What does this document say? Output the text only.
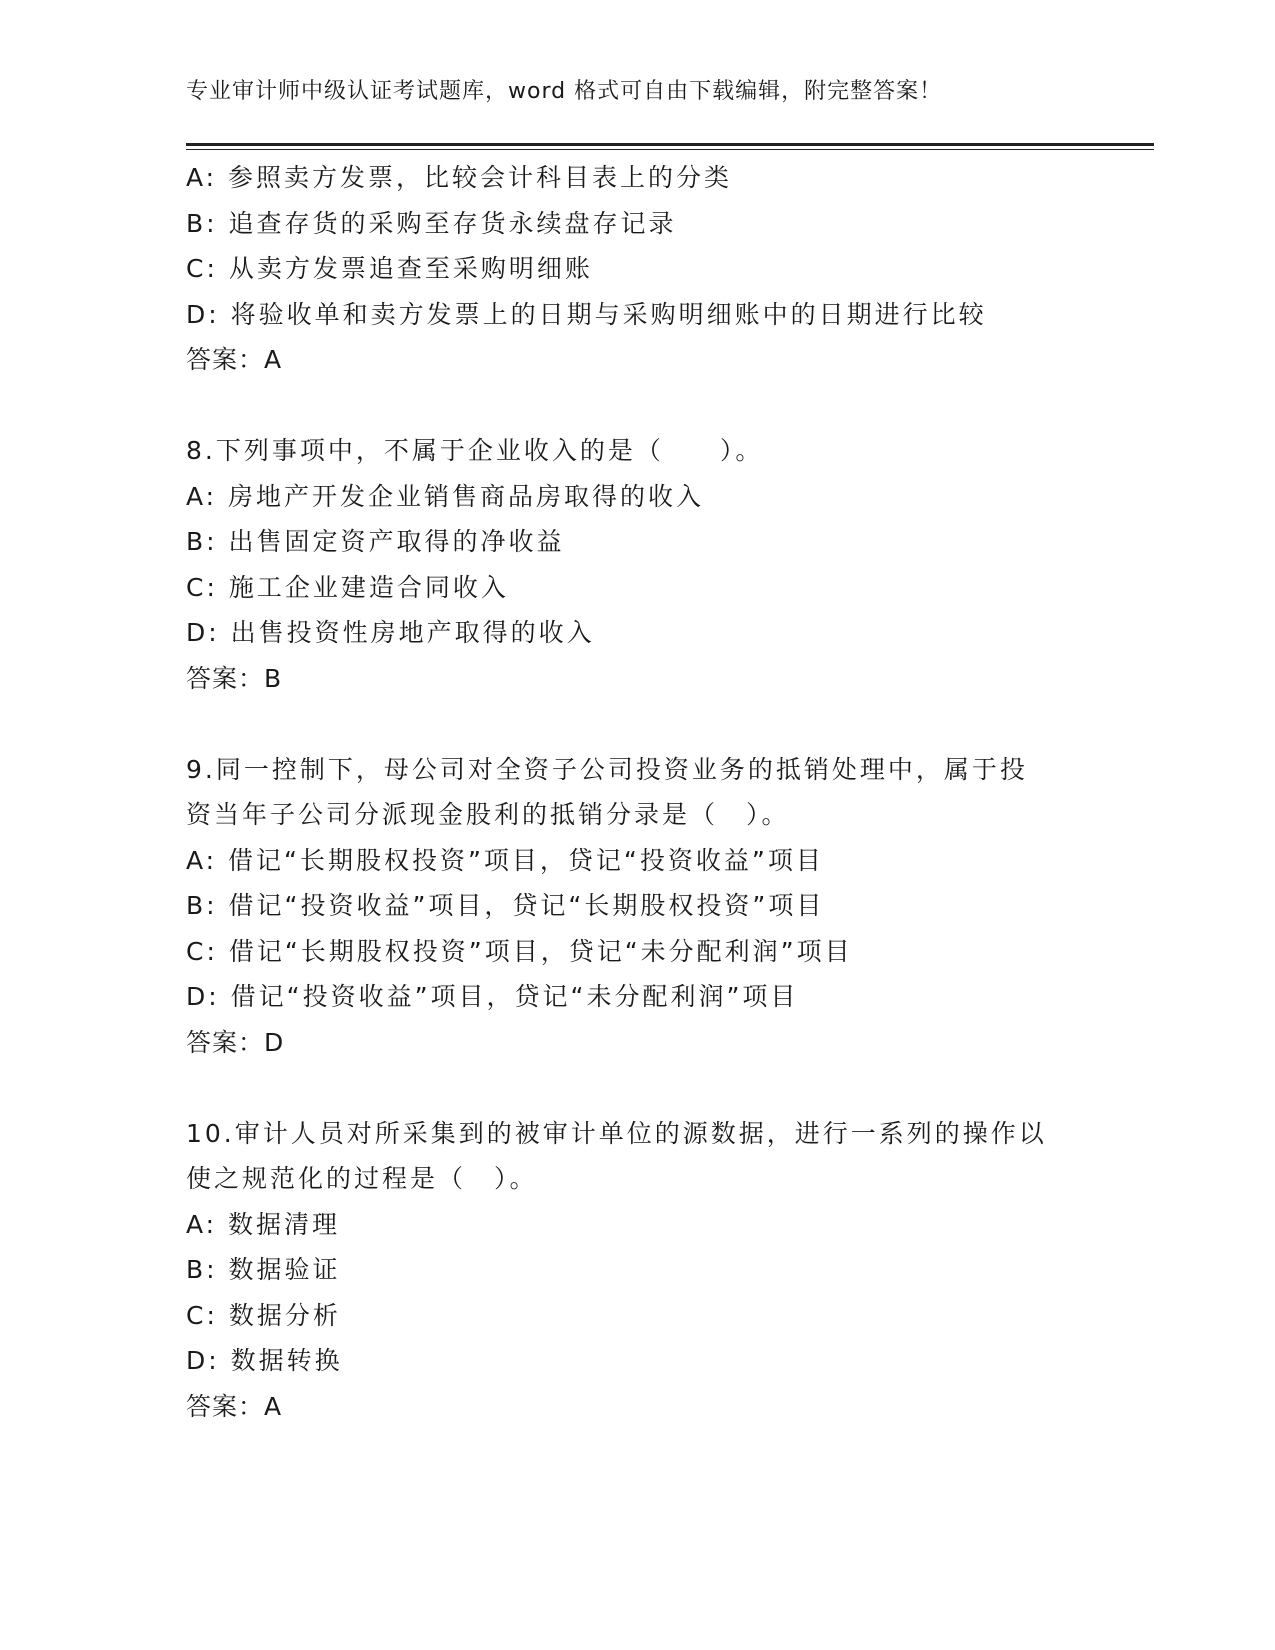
专业审计师中级认证考试题库，word 格式可自由下载编辑，附完整答案！
A: 参照卖方发票，比较会计科目表上的分类
B: 追查存货的采购至存货永续盘存记录
C: 从卖方发票追查至采购明细账
D: 将验收单和卖方发票上的日期与采购明细账中的日期进行比较
答案：A
8.下列事项中，不属于企业收入的是（　　）。
A: 房地产开发企业销售商品房取得的收入
B: 出售固定资产取得的净收益
C: 施工企业建造合同收入
D: 出售投资性房地产取得的收入
答案：B
9.同一控制下，母公司对全资子公司投资业务的抵销处理中，属于投
资当年子公司分派现金股利的抵销分录是（　）。
A: 借记“长期股权投资”项目，贷记“投资收益”项目
B: 借记“投资收益”项目，贷记“长期股权投资”项目
C: 借记“长期股权投资”项目，贷记“未分配利润”项目
D: 借记“投资收益”项目，贷记“未分配利润”项目
答案：D
10.审计人员对所采集到的被审计单位的源数据，进行一系列的操作以
使之规范化的过程是（　）。
A: 数据清理
B: 数据验证
C: 数据分析
D: 数据转换
答案：A
